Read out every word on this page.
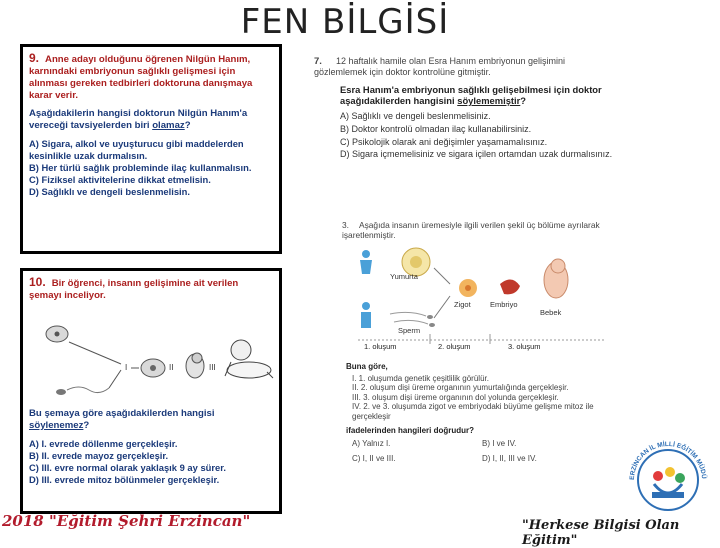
FEN BİLGİSİ
9. Anne adayı olduğunu öğrenen Nilgün Hanım, karnındaki embriyonun sağlıklı gelişmesi için alınması gereken tedbirleri doktoruna danışmaya karar verir.
Aşağıdakilerin hangisi doktorun Nilgün Hanım'a vereceği tavsiyelerden biri olamaz?
A) Sigara, alkol ve uyuşturucu gibi maddelerden kesinlikle uzak durmalısın.
B) Her türlü sağlık probleminde ilaç kullanmalısın.
C) Fiziksel aktivitelerine dikkat etmelisin.
D) Sağlıklı ve dengeli beslenmelisin.
10. Bir öğrenci, insanın gelişimine ait verilen şemayı inceliyor.
I	II	III
Bu şemaya göre aşağıdakilerden hangisi söylenemez?
A) I. evrede döllenme gerçekleşir.
B) II. evrede mayoz gerçekleşir.
C) III. evre normal olarak yaklaşık 9 ay sürer.
D) III. evrede mitoz bölünmeler gerçekleşir.
7. 12 haftalık hamile olan Esra Hanım embriyonun gelişimini gözlemlemek için doktor kontrolüne gitmiştir.
Esra Hanım'a embriyonun sağlıklı gelişebilmesi için doktor aşağıdakilerden hangisini söylememiştir?
A) Sağlıklı ve dengeli beslenmelisiniz.
B) Doktor kontrolü olmadan ilaç kullanabilirsiniz.
C) Psikolojik olarak ani değişimler yaşamamalısınız.
D) Sigara içmemelisiniz ve sigara içilen ortamdan uzak durmalısınız.
3. Aşağıda insanın üremesiyle ilgili verilen şekil üç bölüme ayrılarak işaretlenmiştir.
Yumurta
Zigot	Embriyo
Bebek
Sperm
1. oluşum	2. oluşum	3. oluşum
Buna göre,
I. 1. oluşumda genetik çeşitlilik görülür.
II. 2. oluşum dişi üreme organının yumurtalığında gerçekleşir.
III. 3. oluşum dişi üreme organının dol yolunda gerçekleşir.
IV. 2. ve 3. oluşumda zigot ve embriyodaki büyüme gelişme mitoz ile gerçekleşir
ifadelerinden hangileri doğrudur?
A) Yalnız I.	B) I ve IV.
C) I, II ve III.	D) I, II, III ve IV.
ERZİNCAN İL MİLLİ EĞİTİM MÜDÜ
2018 "Eğitim Şehri Erzincan"	"Herkese Bilgisi Olan Eğitim"
